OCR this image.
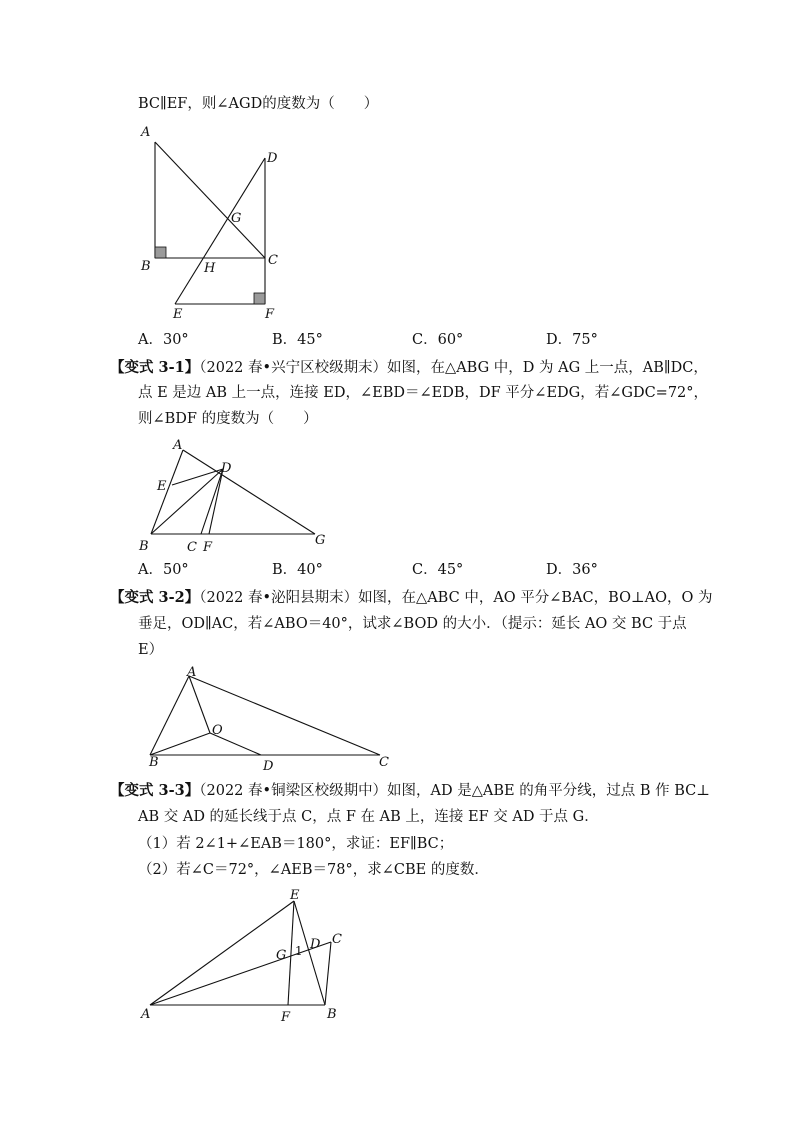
BC∥EF，则∠AGD的度数为（　　）
A
B	C
D
E	F
G
H
A．30°	B．45°	C．60°	D．75°
【变式 3-1】（2022 春•兴宁区校级期末）如图，在△ABG 中，D 为 AG 上一点，AB∥DC，
点 E 是边 AB 上一点，连接 ED，∠EBD＝∠EDB，DF 平分∠EDG，若∠GDC=72°，
则∠BDF 的度数为（　　）
A
E
D
B	C F	G
A．50°	B．40°	C．45°	D．36°
【变式 3-2】（2022 春•泌阳县期末）如图，在△ABC 中，AO 平分∠BAC，BO⊥AO，O 为
垂足，OD∥AC，若∠ABO＝40°，试求∠BOD 的大小．（提示：延长 AO 交 BC 于点
E）
A
B	C
D
O
【变式 3-3】（2022 春•铜梁区校级期中）如图，AD 是△ABE 的角平分线，过点 B 作 BC⊥
AB 交 AD 的延长线于点 C，点 F 在 AB 上，连接 EF 交 AD 于点 G．
（1）若 2∠1+∠EAB＝180°，求证：EF∥BC；
（2）若∠C＝72°，∠AEB＝78°，求∠CBE 的度数．
E
C
D
G 1
A	F	B
